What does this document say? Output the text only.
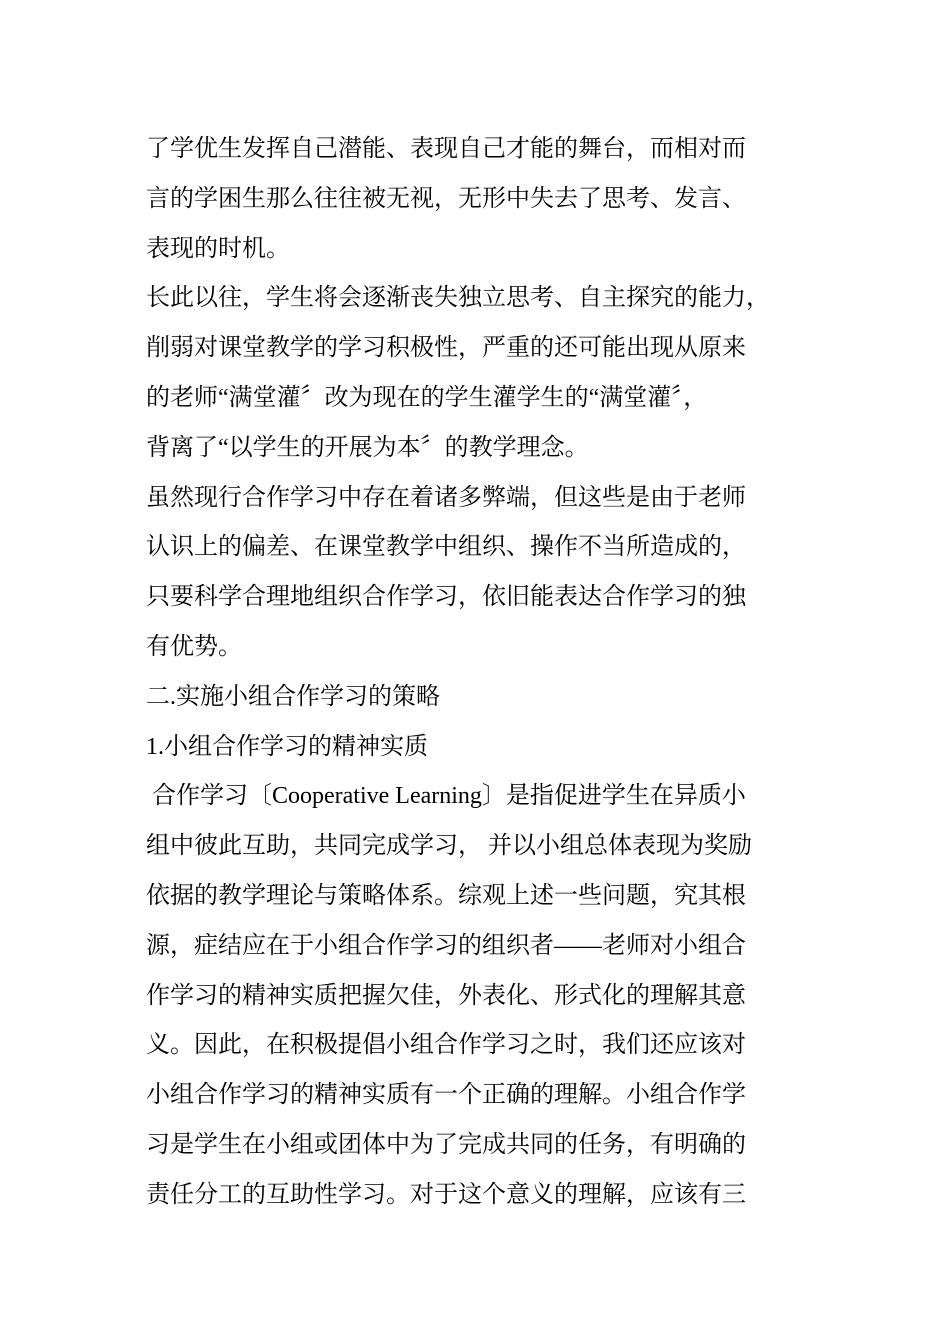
了学优生发挥自己潜能、表现自己才能的舞台，而相对而
言的学困生那么往往被无视，无形中失去了思考、发言、
表现的时机。
长此以往，学生将会逐渐丧失独立思考、自主探究的能力，
削弱对课堂教学的学习积极性，严重的还可能出现从原来
的老师“满堂灌〞改为现在的学生灌学生的“满堂灌〞，
背离了“以学生的开展为本〞的教学理念。
虽然现行合作学习中存在着诸多弊端，但这些是由于老师
认识上的偏差、在课堂教学中组织、操作不当所造成的，
只要科学合理地组织合作学习，依旧能表达合作学习的独
有优势。
二.实施小组合作学习的策略
1.小组合作学习的精神实质
合作学习〔Cooperative Learning〕是指促进学生在异质小
组中彼此互助，共同完成学习， 并以小组总体表现为奖励
依据的教学理论与策略体系。综观上述一些问题，究其根
源，症结应在于小组合作学习的组织者——老师对小组合
作学习的精神实质把握欠佳，外表化、形式化的理解其意
义。因此，在积极提倡小组合作学习之时，我们还应该对
小组合作学习的精神实质有一个正确的理解。小组合作学
习是学生在小组或团体中为了完成共同的任务，有明确的
责任分工的互助性学习。对于这个意义的理解，应该有三
